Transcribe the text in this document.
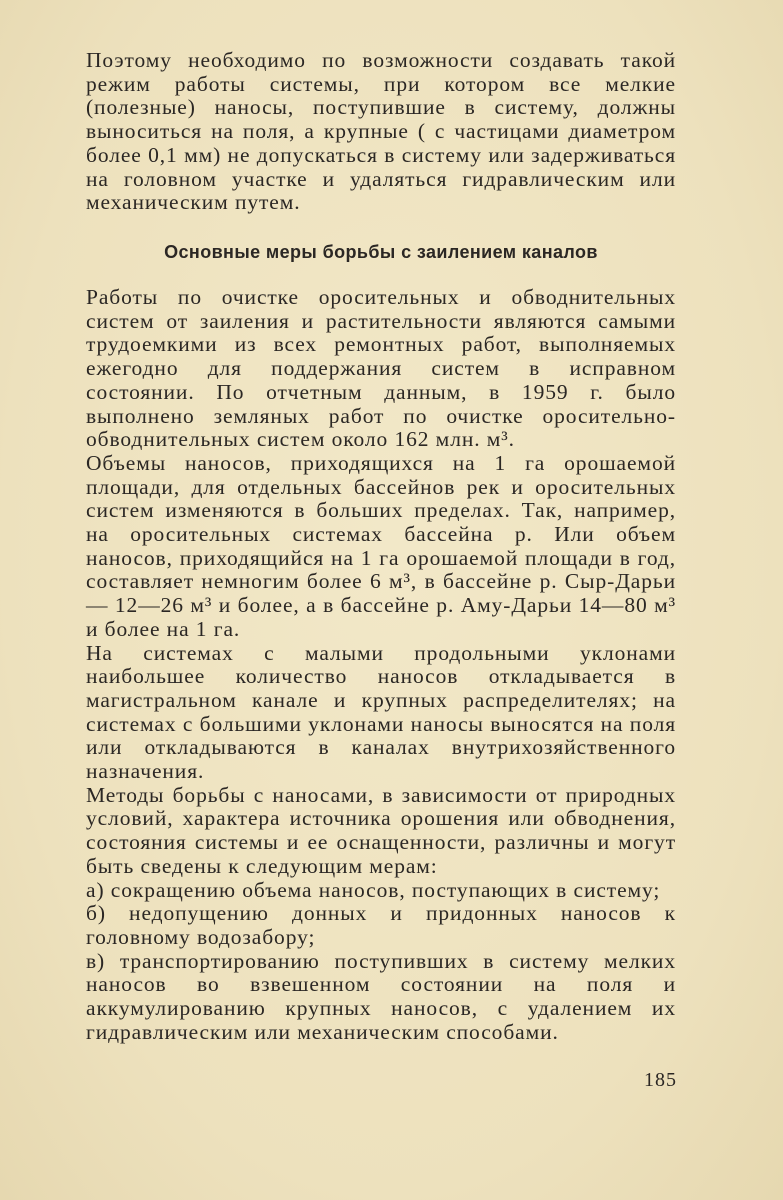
Поэтому необходимо по возможности создавать такой режим работы системы, при котором все мелкие (полезные) наносы, поступившие в систему, должны выноситься на поля, а крупные ( с частицами диаметром более 0,1 мм) не допускаться в систему или задерживаться на головном участке и удаляться гидравлическим или механическим путем.

Основные меры борьбы с заилением каналов

Работы по очистке оросительных и обводнительных систем от заиления и растительности являются самыми трудоемкими из всех ремонтных работ, выполняемых ежегодно для поддержания систем в исправном состоянии. По отчетным данным, в 1959 г. было выполнено земляных работ по очистке оросительно-обводнительных систем около 162 млн. м³.

Объемы наносов, приходящихся на 1 га орошаемой площади, для отдельных бассейнов рек и оросительных систем изменяются в больших пределах. Так, например, на оросительных системах бассейна р. Или объем наносов, приходящийся на 1 га орошаемой площади в год, составляет немногим более 6 м³, в бассейне р. Сыр-Дарьи — 12—26 м³ и более, а в бассейне р. Аму-Дарьи 14—80 м³ и более на 1 га.

На системах с малыми продольными уклонами наибольшее количество наносов откладывается в магистральном канале и крупных распределителях; на системах с большими уклонами наносы выносятся на поля или откладываются в каналах внутрихозяйственного назначения.

Методы борьбы с наносами, в зависимости от природных условий, характера источника орошения или обводнения, состояния системы и ее оснащенности, различны и могут быть сведены к следующим мерам:

а) сокращению объема наносов, поступающих в систему;

б) недопущению донных и придонных наносов к головному водозабору;

в) транспортированию поступивших в систему мелких наносов во взвешенном состоянии на поля и аккумулированию крупных наносов, с удалением их гидравлическим или механическим способами.

185
